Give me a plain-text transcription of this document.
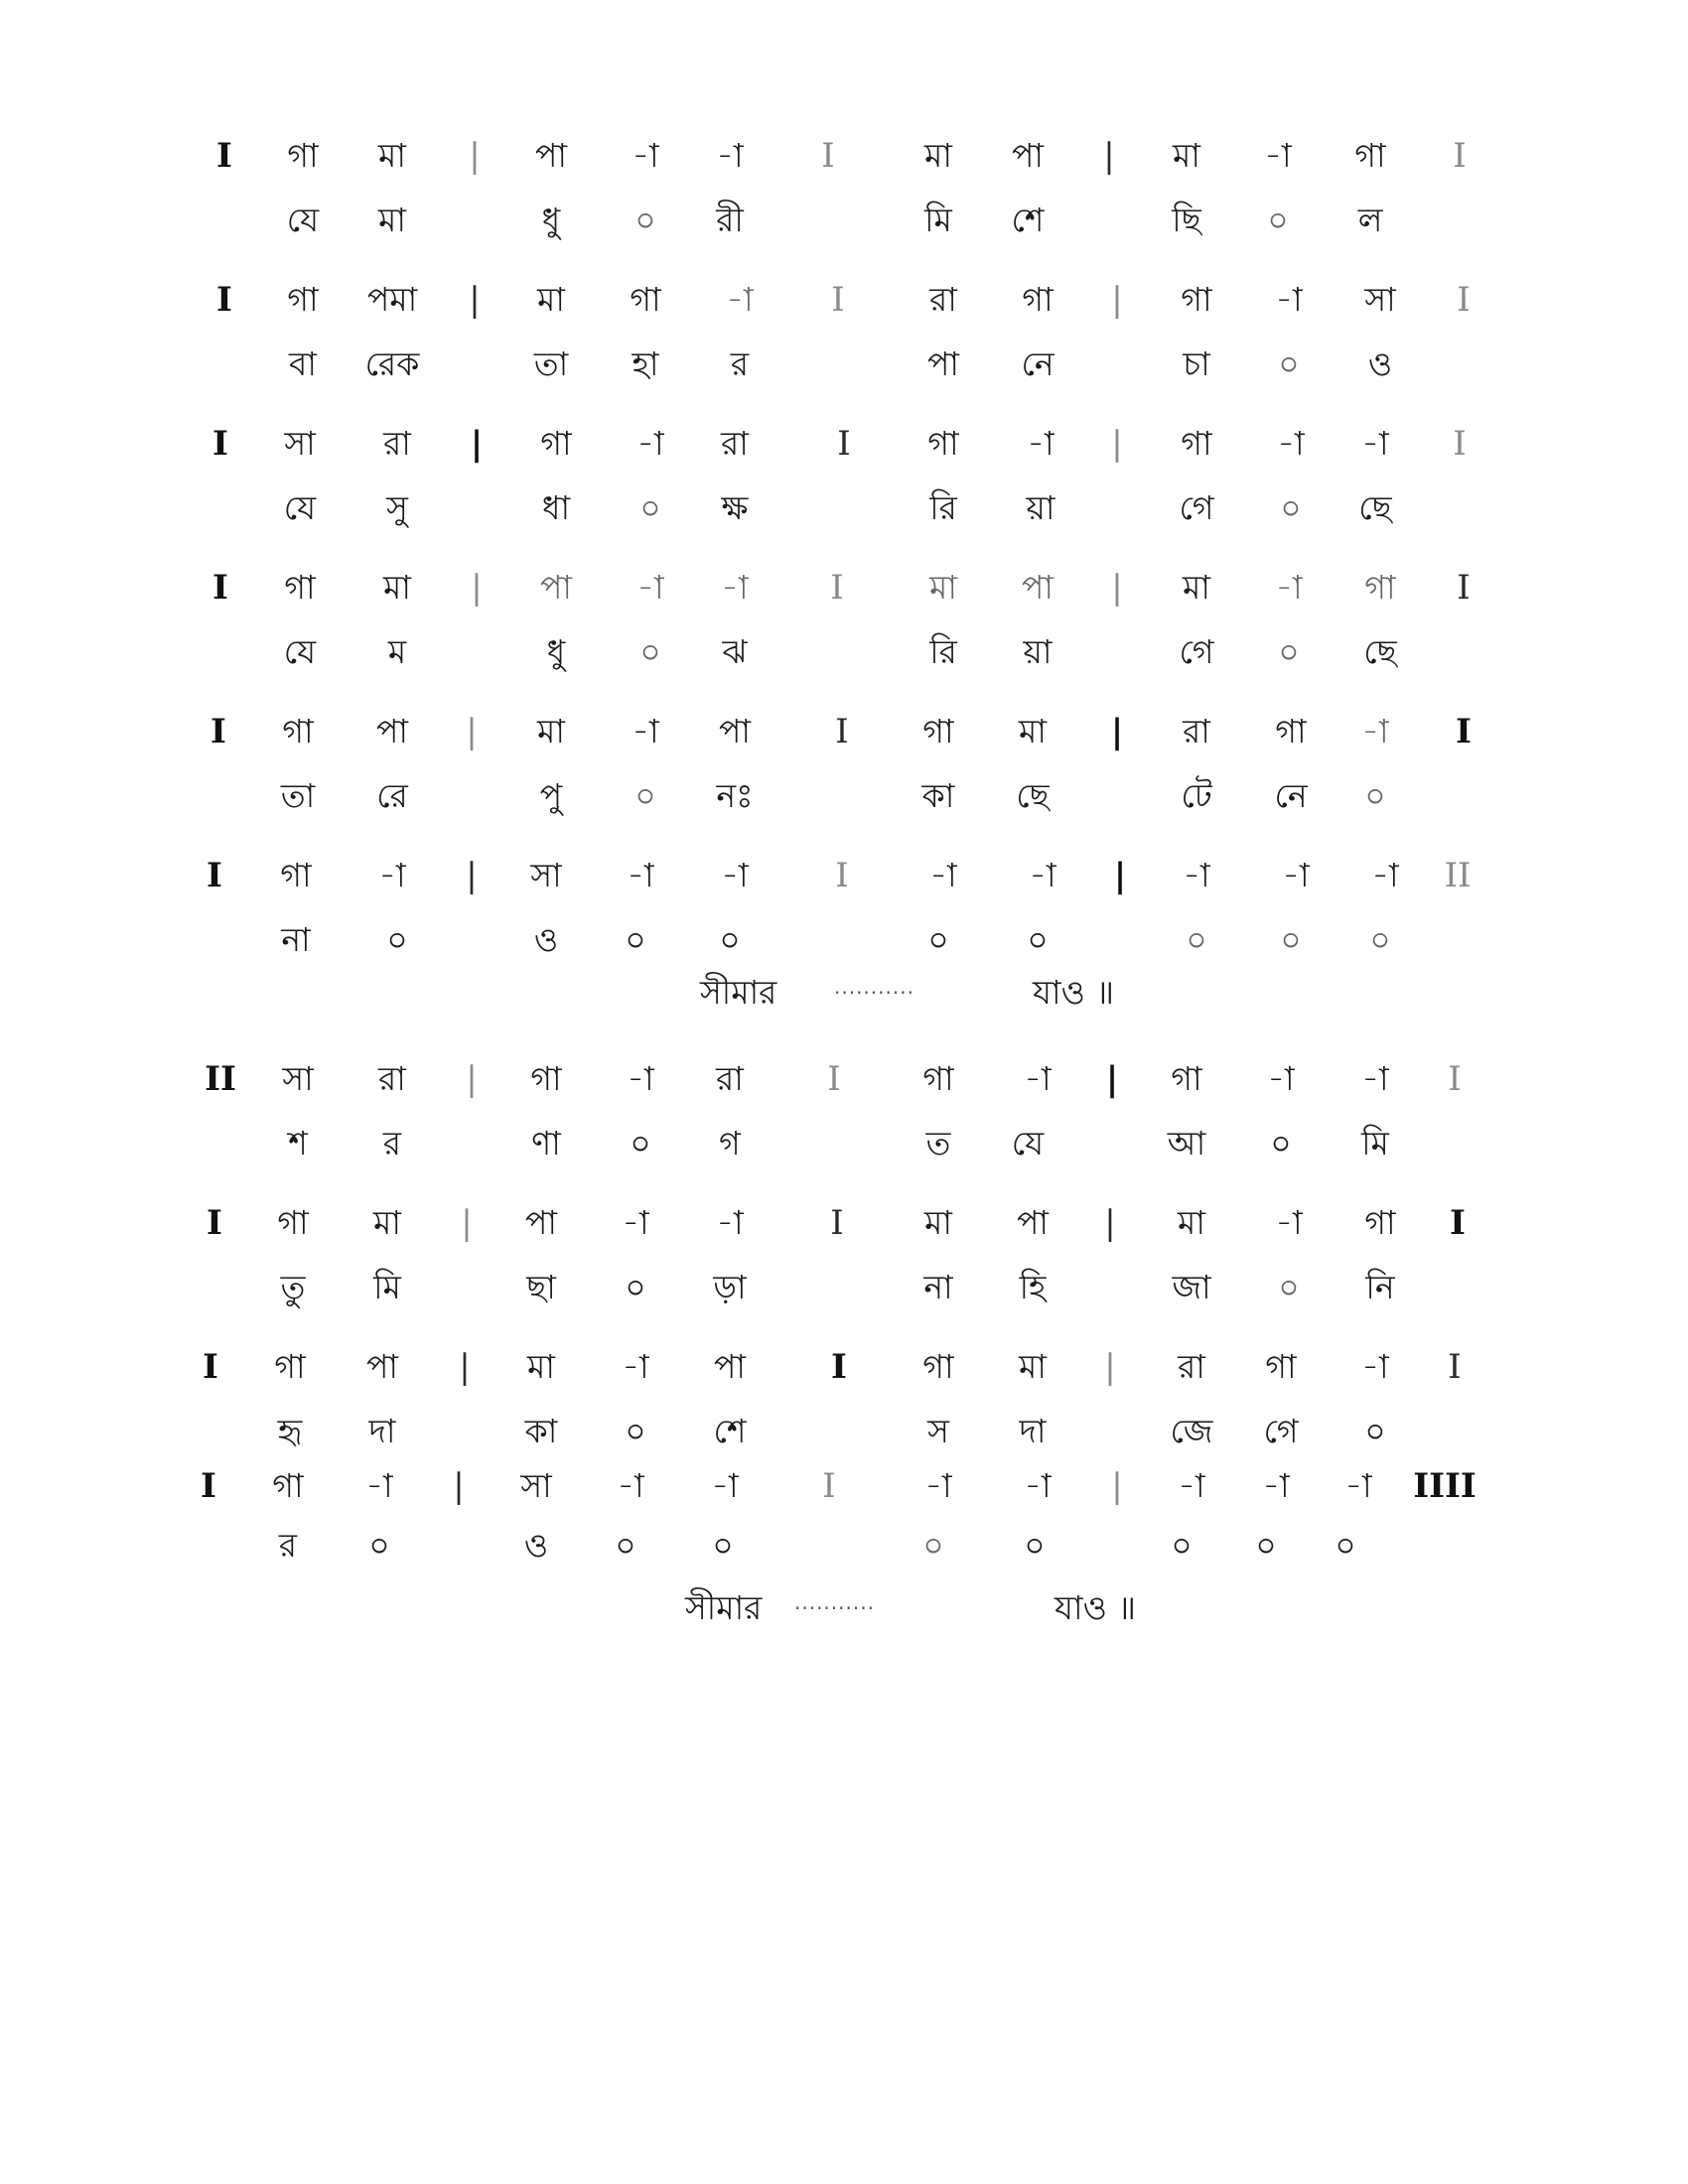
I	গা	মা	|	পা	-া	-া	I	মা	পা	|	মা	-া	গা	I
যে	মা	ধু	০	রী	মি	শে	ছি	০	ল
I	গা	পমা	|	মা	গা	-া	I	রা	গা	|	গা	-া	সা	I
বা	রেক	তা	হা	র	পা	নে	চা	০	ও
I	সা	রা	|	গা	-া	রা	I	গা	-া	|	গা	-া	-া	I
যে	সু	ধা	০	ক্ষ	রি	য়া	গে	০	ছে
I	গা	মা	|	পা	-া	-া	I	মা	পা	|	মা	-া	গা	I
যে	ম	ধু	০	ঝ	রি	য়া	গে	০	ছে
I	গা	পা	|	মা	-া	পা	I	গা	মা	|	রা	গা	-া	I
তা	রে	পু	০	নঃ	কা	ছে	টে	নে	০
I	গা	-া	|	সা	-া	-া	I	-া	-া	|	-া	-া	-া	II
না	০	ও	০	০	০	০	০	০	০
সীমার	···········	যাও ॥
II	সা	রা	|	গা	-া	রা	I	গা	-া	|	গা	-া	-া	I
শ	র	ণা	০	গ	ত	যে	আ	০	মি
I	গা	মা	|	পা	-া	-া	I	মা	পা	|	মা	-া	গা	I
তু	মি	ছা	০	ড়া	না	হি	জা	০	নি
I	গা	পা	|	মা	-া	পা	I	গা	মা	|	রা	গা	-া	I
হৃ	দা	কা	০	শে	স	দা	জে	গে	০
I	গা	-া	|	সা	-া	-া	I	-া	-া	|	-া	-া	-া	IIII
র	০	ও	০	০	০	০	০	০	০
সীমার ···········	যাও ॥
